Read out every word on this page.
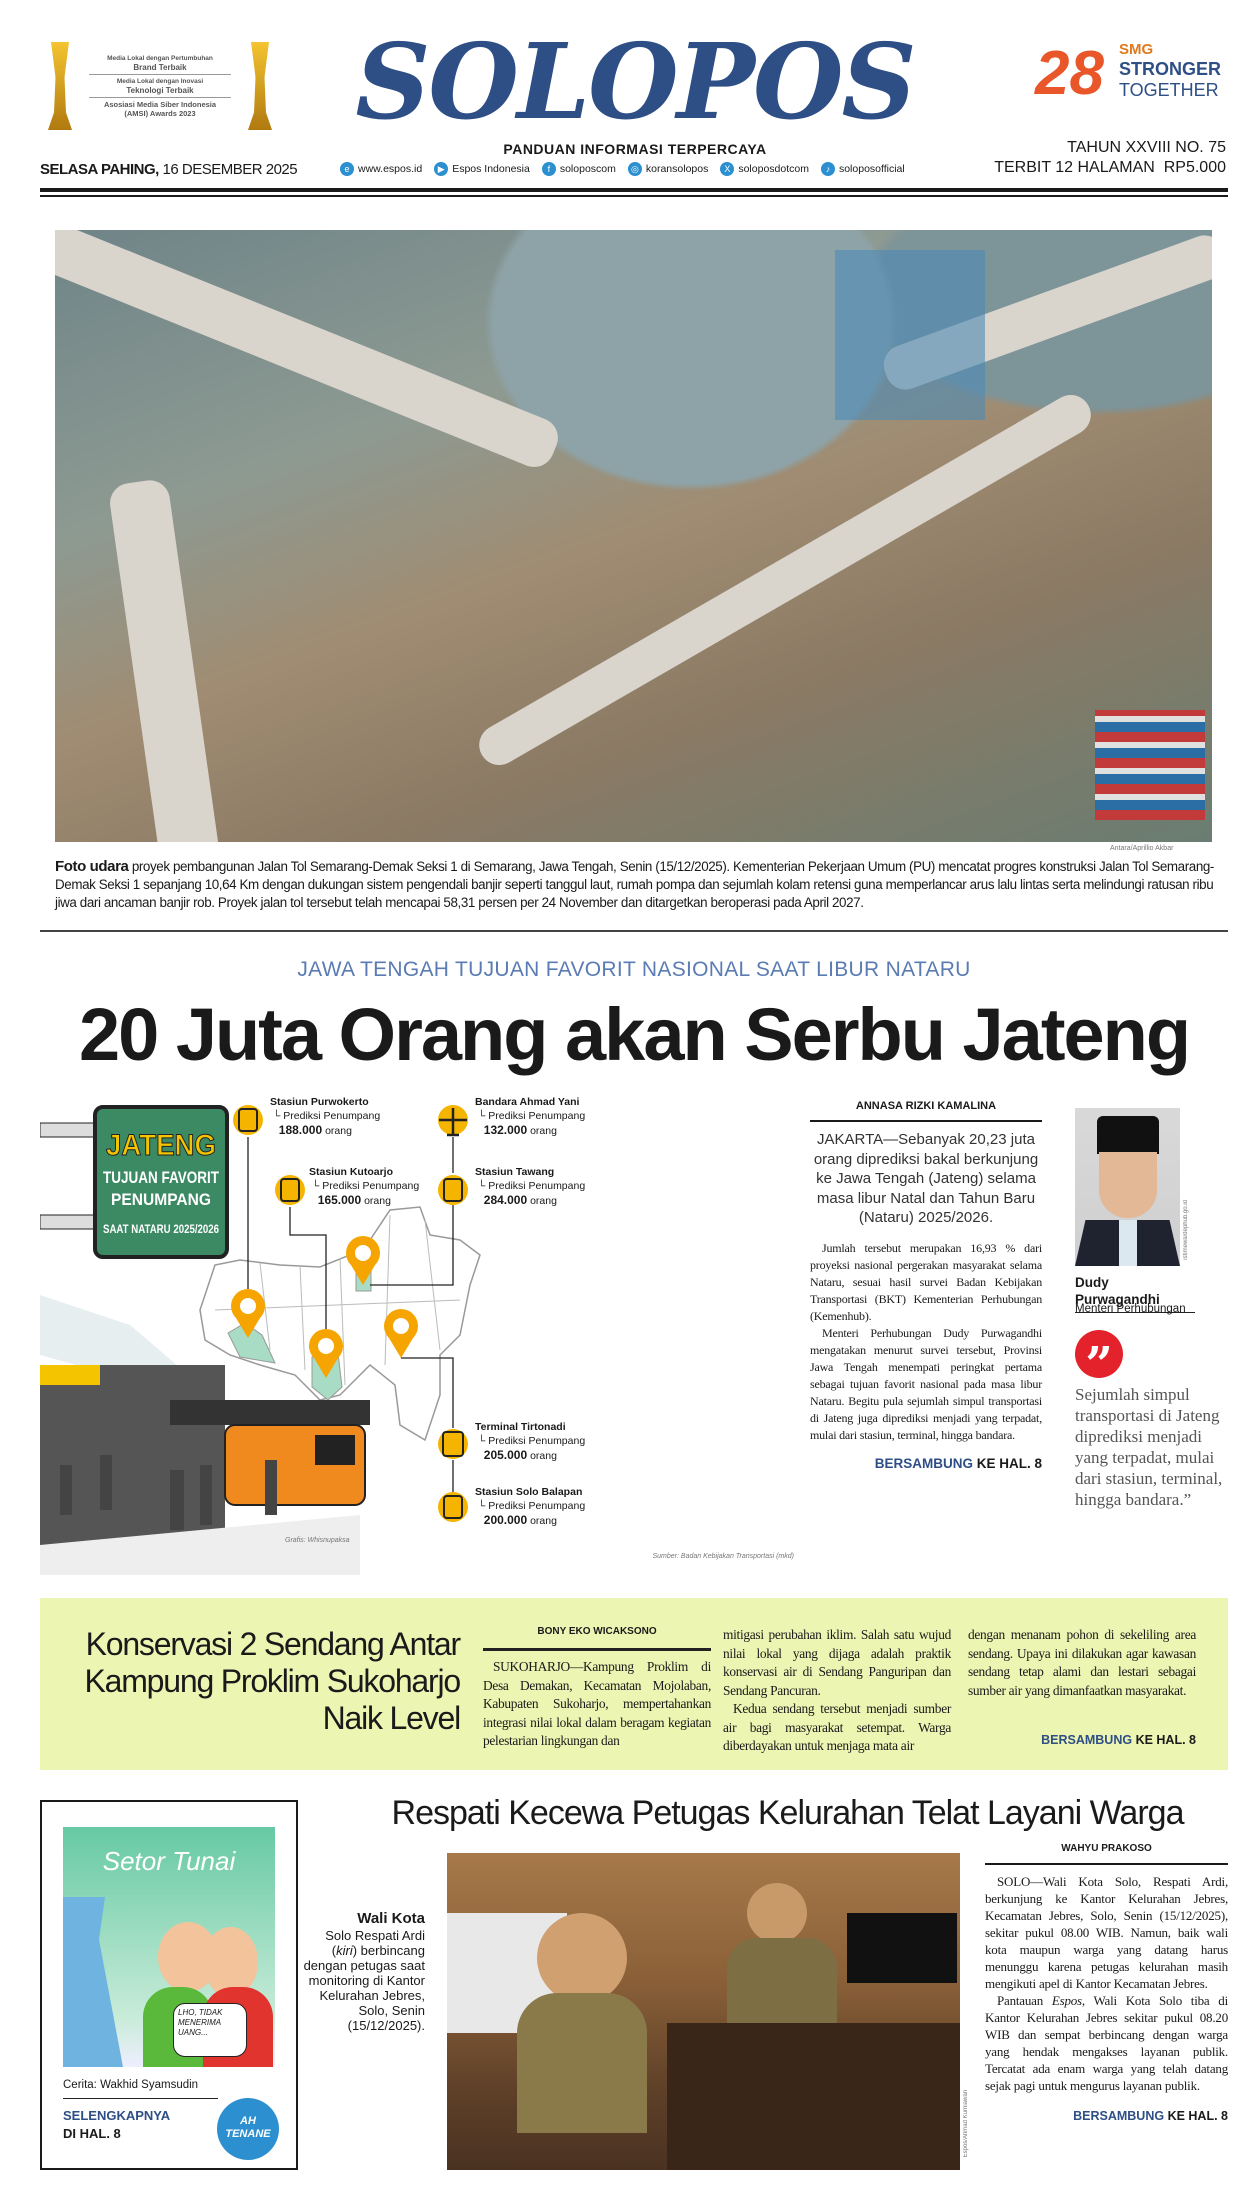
Media Lokal dengan Pertumbuhan
Brand Terbaik
Media Lokal dengan Inovasi
Teknologi Terbaik
Asosiasi Media Siber Indonesia
(AMSI) Awards 2023	SOLOPOS
PANDUAN INFORMASI TERPERCAYA
28 SMG
STRONGER
TOGETHER
SELASA PAHING, 16 DESEMBER 2025	e www.espos.id	▶ Espos Indonesia	f soloposcom	◎ koransolopos	X soloposdotcom	♪ soloposofficial
TAHUN XXVIII NO. 75
TERBIT 12 HALAMAN  RP5.000
Antara/Aprillio Akbar
Foto udara proyek pembangunan Jalan Tol Semarang-Demak Seksi 1 di Semarang, Jawa Tengah, Senin (15/12/2025). Kementerian Pekerjaan Umum (PU) mencatat progres konstruksi Jalan Tol Semarang-Demak Seksi 1 sepanjang 10,64 Km dengan dukungan sistem pengendali banjir seperti tanggul laut, rumah pompa dan sejumlah kolam retensi guna memperlancar arus lalu lintas serta melindungi ratusan ribu jiwa dari ancaman banjir rob. Proyek jalan tol tersebut telah mencapai 58,31 persen per 24 November dan ditargetkan beroperasi pada April 2027.
JAWA TENGAH TUJUAN FAVORIT NASIONAL SAAT LIBUR NATARU
20 Juta Orang akan Serbu Jateng
JATENG
TUJUAN FAVORIT
PENUMPANG
SAAT NATARU 2025/2026
Stasiun Purwokerto
└ Prediksi Penumpang
188.000 orang
Stasiun Kutoarjo
└ Prediksi Penumpang
165.000 orang
Bandara Ahmad Yani
└ Prediksi Penumpang
132.000 orang
Stasiun Tawang
└ Prediksi Penumpang
284.000 orang
Terminal Tirtonadi
└ Prediksi Penumpang
205.000 orang
Stasiun Solo Balapan
└ Prediksi Penumpang
200.000 orang
Grafis: Whisnupaksa
Sumber: Badan Kebijakan Transportasi (mkd)
ANNASA RIZKI KAMALINA
JAKARTA—Sebanyak 20,23 juta orang diprediksi bakal berkunjung ke Jawa Tengah (Jateng) selama masa libur Natal dan Tahun Baru (Nataru) 2025/2026.

Jumlah tersebut merupakan 16,93 % dari proyeksi nasional pergerakan masyarakat selama Nataru, sesuai hasil survei Badan Kebijakan Transportasi (BKT) Kementerian Perhubungan (Kemenhub).

Menteri Perhubungan Dudy Purwagandhi mengatakan menurut survei tersebut, Provinsi Jawa Tengah menempati peringkat pertama sebagai tujuan favorit nasional pada masa libur Nataru. Begitu pula sejumlah simpul transportasi di Jateng juga diprediksi menjadi yang terpadat, mulai dari stasiun, terminal, hingga bandara.

BERSAMBUNG KE HAL. 8
istimewa/dephub.go.id
Dudy Purwagandhi
Menteri Perhubungan
”
Sejumlah simpul transportasi di Jateng diprediksi menjadi yang terpadat, mulai dari stasiun, terminal, hingga bandara.”
Konservasi 2 Sendang Antar Kampung Proklim Sukoharjo Naik Level
BONY EKO WICAKSONO
SUKOHARJO—Kampung Proklim di Desa Demakan, Kecamatan Mojolaban, Kabupaten Sukoharjo, mempertahankan integrasi nilai lokal dalam beragam kegiatan pelestarian lingkungan dan
mitigasi perubahan iklim. Salah satu wujud nilai lokal yang dijaga adalah praktik konservasi air di Sendang Panguripan dan Sendang Pancuran.
Kedua sendang tersebut menjadi sumber air bagi masyarakat setempat. Warga diberdayakan untuk menjaga mata air
dengan menanam pohon di sekeliling area sendang. Upaya ini dilakukan agar kawasan sendang tetap alami dan lestari sebagai sumber air yang dimanfaatkan masyarakat.
BERSAMBUNG KE HAL. 8
Setor Tunai
LHO, TIDAK MENERIMA UANG...
Cerita: Wakhid Syamsudin
SELENGKAPNYA
DI HAL. 8
AH TENANE
Respati Kecewa Petugas Kelurahan Telat Layani Warga
Wali Kota
Solo Respati Ardi (kiri) berbincang dengan petugas saat monitoring di Kantor Kelurahan Jebres, Solo, Senin (15/12/2025).
Espos/Ahmad Kurniawan
WAHYU PRAKOSO

SOLO—Wali Kota Solo, Respati Ardi, berkunjung ke Kantor Kelurahan Jebres, Kecamatan Jebres, Solo, Senin (15/12/2025), sekitar pukul 08.00 WIB. Namun, baik wali kota maupun warga yang datang harus menunggu karena petugas kelurahan masih mengikuti apel di Kantor Kecamatan Jebres.

Pantauan Espos, Wali Kota Solo tiba di Kantor Kelurahan Jebres sekitar pukul 08.20 WIB dan sempat berbincang dengan warga yang hendak mengakses layanan publik. Tercatat ada enam warga yang telah datang sejak pagi untuk mengurus layanan publik.

BERSAMBUNG KE HAL. 8
